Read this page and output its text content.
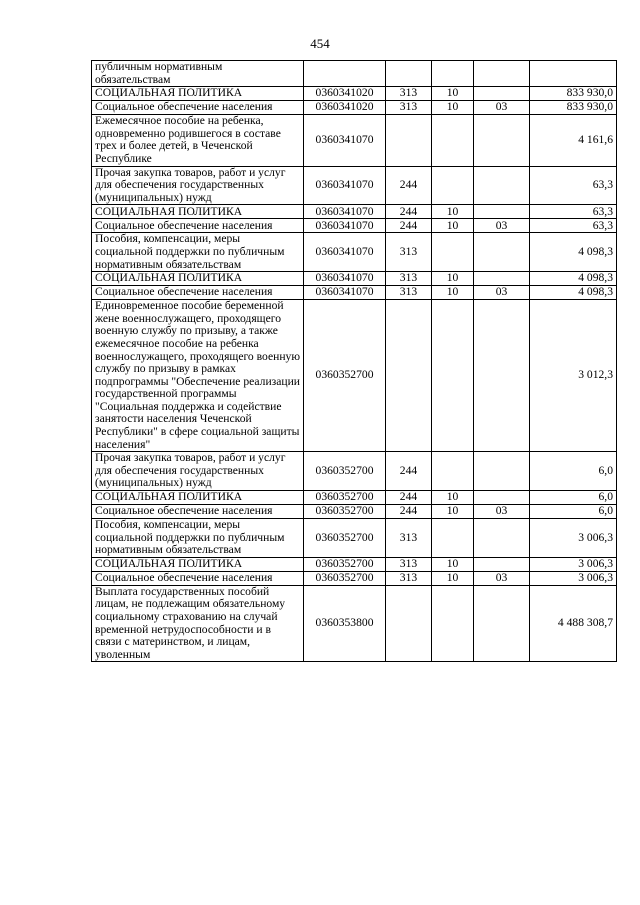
454
публичным нормативным обязательствам					
СОЦИАЛЬНАЯ ПОЛИТИКА	0360341020	313	10		833 930,0
Социальное обеспечение населения	0360341020	313	10	03	833 930,0
Ежемесячное пособие на ребенка, одновременно родившегося в составе трех и более детей, в Чеченской Республике	0360341070				4 161,6
Прочая закупка товаров, работ и услуг для обеспечения государственных (муниципальных) нужд	0360341070	244			63,3
СОЦИАЛЬНАЯ ПОЛИТИКА	0360341070	244	10		63,3
Социальное обеспечение населения	0360341070	244	10	03	63,3
Пособия, компенсации, меры социальной поддержки по публичным нормативным обязательствам	0360341070	313			4 098,3
СОЦИАЛЬНАЯ ПОЛИТИКА	0360341070	313	10		4 098,3
Социальное обеспечение населения	0360341070	313	10	03	4 098,3
Единовременное пособие беременной жене военнослужащего, проходящего военную службу по призыву, а также ежемесячное пособие на ребенка военнослужащего, проходящего военную службу по призыву в рамках подпрограммы "Обеспечение реализации государственной программы "Социальная поддержка и содействие занятости населения Чеченской Республики" в сфере социальной защиты населения"	0360352700				3 012,3
Прочая закупка товаров, работ и услуг для обеспечения государственных (муниципальных) нужд	0360352700	244			6,0
СОЦИАЛЬНАЯ ПОЛИТИКА	0360352700	244	10		6,0
Социальное обеспечение населения	0360352700	244	10	03	6,0
Пособия, компенсации, меры социальной поддержки по публичным нормативным обязательствам	0360352700	313			3 006,3
СОЦИАЛЬНАЯ ПОЛИТИКА	0360352700	313	10		3 006,3
Социальное обеспечение населения	0360352700	313	10	03	3 006,3
Выплата государственных пособий лицам, не подлежащим обязательному социальному страхованию на случай временной нетрудоспособности и в связи с материнством, и лицам, уволенным	0360353800				4 488 308,7
